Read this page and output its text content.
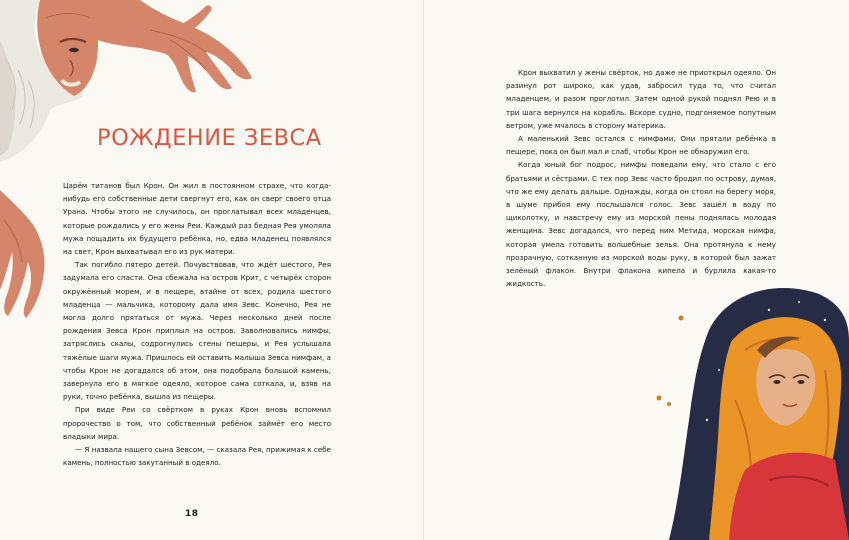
РОЖДЕНИЕ ЗЕВСА

Царём титанов был Крон. Он жил в постоянном страхе, что когда-нибудь его собственные дети свергнут его, как он сверг своего отца Урана. Чтобы этого не случилось, он проглатывал всех младенцев, которые рождались у его жены Реи. Каждый раз бедная Рея умоляла мужа пощадить их будущего ребёнка, но, едва младенец появлялся на свет, Крон выхватывал его из рук матери.

Так погибло пятеро детей. Почувствовав, что ждёт шестого, Рея задумала его спасти. Она сбежала на остров Крит, с четырёх сторон окружённый морем, и в пещере, втайне от всех, родила шестого младенца — мальчика, которому дала имя Зевс. Конечно, Рея не могла долго прятаться от мужа. Через несколько дней после рождения Зевса Крон приплыл на остров. Заволновались нимфы, затряслись скалы, содрогнулись стены пещеры, и Рея услышала тяжёлые шаги мужа. Пришлось ей оставить малыша Зевса нимфам, а чтобы Крон не догадался об этом, она подобрала большой камень, завернула его в мягкое одеяло, которое сама соткала, и, взяв на руки, точно ребёнка, вышла из пещеры.

При виде Реи со свёртком в руках Крон вновь вспомнил пророчество о том, что собственный ребёнок займёт его место владыки мира.

— Я назвала нашего сына Зевсом, — сказала Рея, прижимая к себе камень, полностью закутанный в одеяло.

18

Крон выхватил у жены свёрток, но даже не приоткрыл одеяло. Он разинул рот широко, как удав, забросил туда то, что считал младенцем, и разом проглотил. Затем одной рукой поднял Рею и в три шага вернулся на корабль. Вскоре судно, подгоняемое попутным ветром, уже мчалось в сторону материка.

А маленький Зевс остался с нимфами. Они прятали ребёнка в пещере, пока он был мал и слаб, чтобы Крон не обнаружил его.

Когда юный бог подрос, нимфы поведали ему, что стало с его братьями и сёстрами. С тех пор Зевс часто бродил по острову, думая, что же ему делать дальше. Однажды, когда он стоял на берегу моря, в шуме прибоя ему послышался голос. Зевс зашёл в воду по щиколотку, и навстречу ему из морской пены поднялась молодая женщина. Зевс догадался, что перед ним Метида, морская нимфа, которая умела готовить волшебные зелья. Она протянула к нему прозрачную, сотканную из морской воды руку, в которой был зажат зелёный флакон. Внутри флакона кипела и бурлила какая-то жидкость.
